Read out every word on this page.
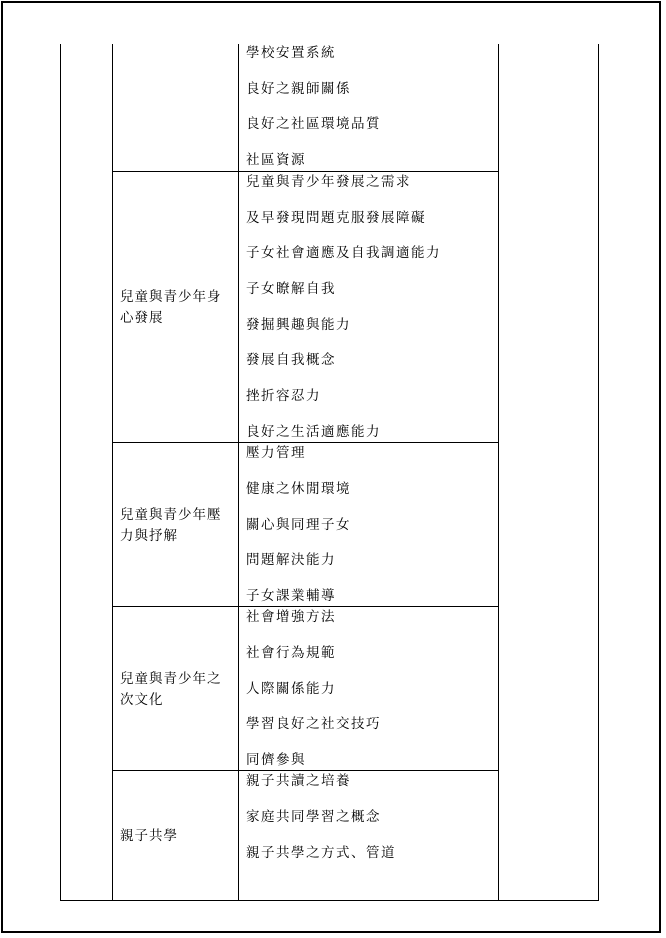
學校安置系統
良好之親師關係
良好之社區環境品質
社區資源
兒童與青少年身心發展
兒童與青少年發展之需求
及早發現問題克服發展障礙
子女社會適應及自我調適能力
子女瞭解自我
發掘興趣與能力
發展自我概念
挫折容忍力
良好之生活適應能力
兒童與青少年壓力與抒解
壓力管理
健康之休閒環境
關心與同理子女
問題解決能力
子女課業輔導
兒童與青少年之次文化
社會增強方法
社會行為規範
人際關係能力
學習良好之社交技巧
同儕參與
親子共學
親子共讀之培養
家庭共同學習之概念
親子共學之方式、管道
